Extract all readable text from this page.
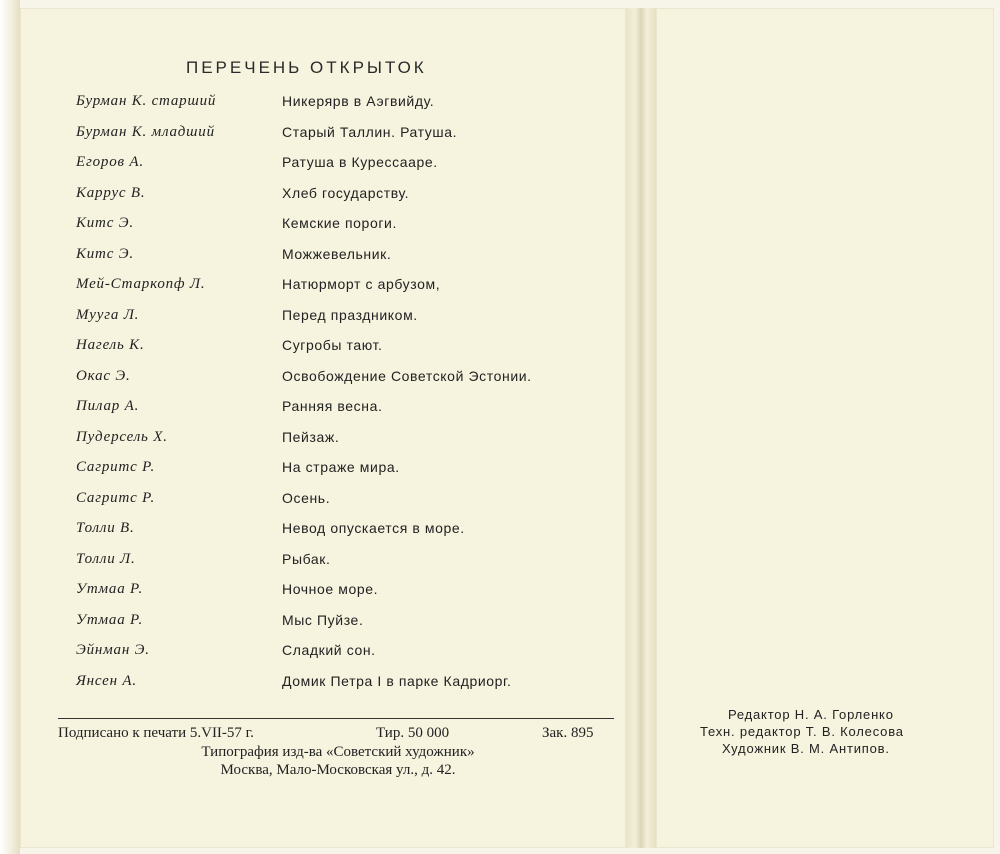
ПЕРЕЧЕНЬ ОТКРЫТОК
Бурман К. старший	Никерярв в Аэгвийду.
Бурман К. младший	Старый Таллин. Ратуша.
Егоров А.	Ратуша в Курессааре.
Каррус В.	Хлеб государству.
Китс Э.	Кемские пороги.
Китс Э.	Можжевельник.
Мей-Старкопф Л.	Натюрморт с арбузом,
Мууга Л.	Перед праздником.
Нагель К.	Сугробы тают.
Окас Э.	Освобождение Советской Эстонии.
Пилар А.	Ранняя весна.
Пудерсель Х.	Пейзаж.
Сагритс Р.	На страже мира.
Сагритс Р.	Осень.
Толли В.	Невод опускается в море.
Толли Л.	Рыбак.
Утмаа Р.	Ночное море.
Утмаа Р.	Мыс Пуйзе.
Эйнман Э.	Сладкий сон.
Янсен А.	Домик Петра I в парке Кадриорг.
Подписано к печати 5.VII-57 г.	Тир. 50 000	Зак. 895
Типография изд-ва «Советский художник»
Москва, Мало-Московская ул., д. 42.
Редактор Н. А. Горленко
Техн. редактор Т. В. Колесова
Художник В. М. Антипов.
